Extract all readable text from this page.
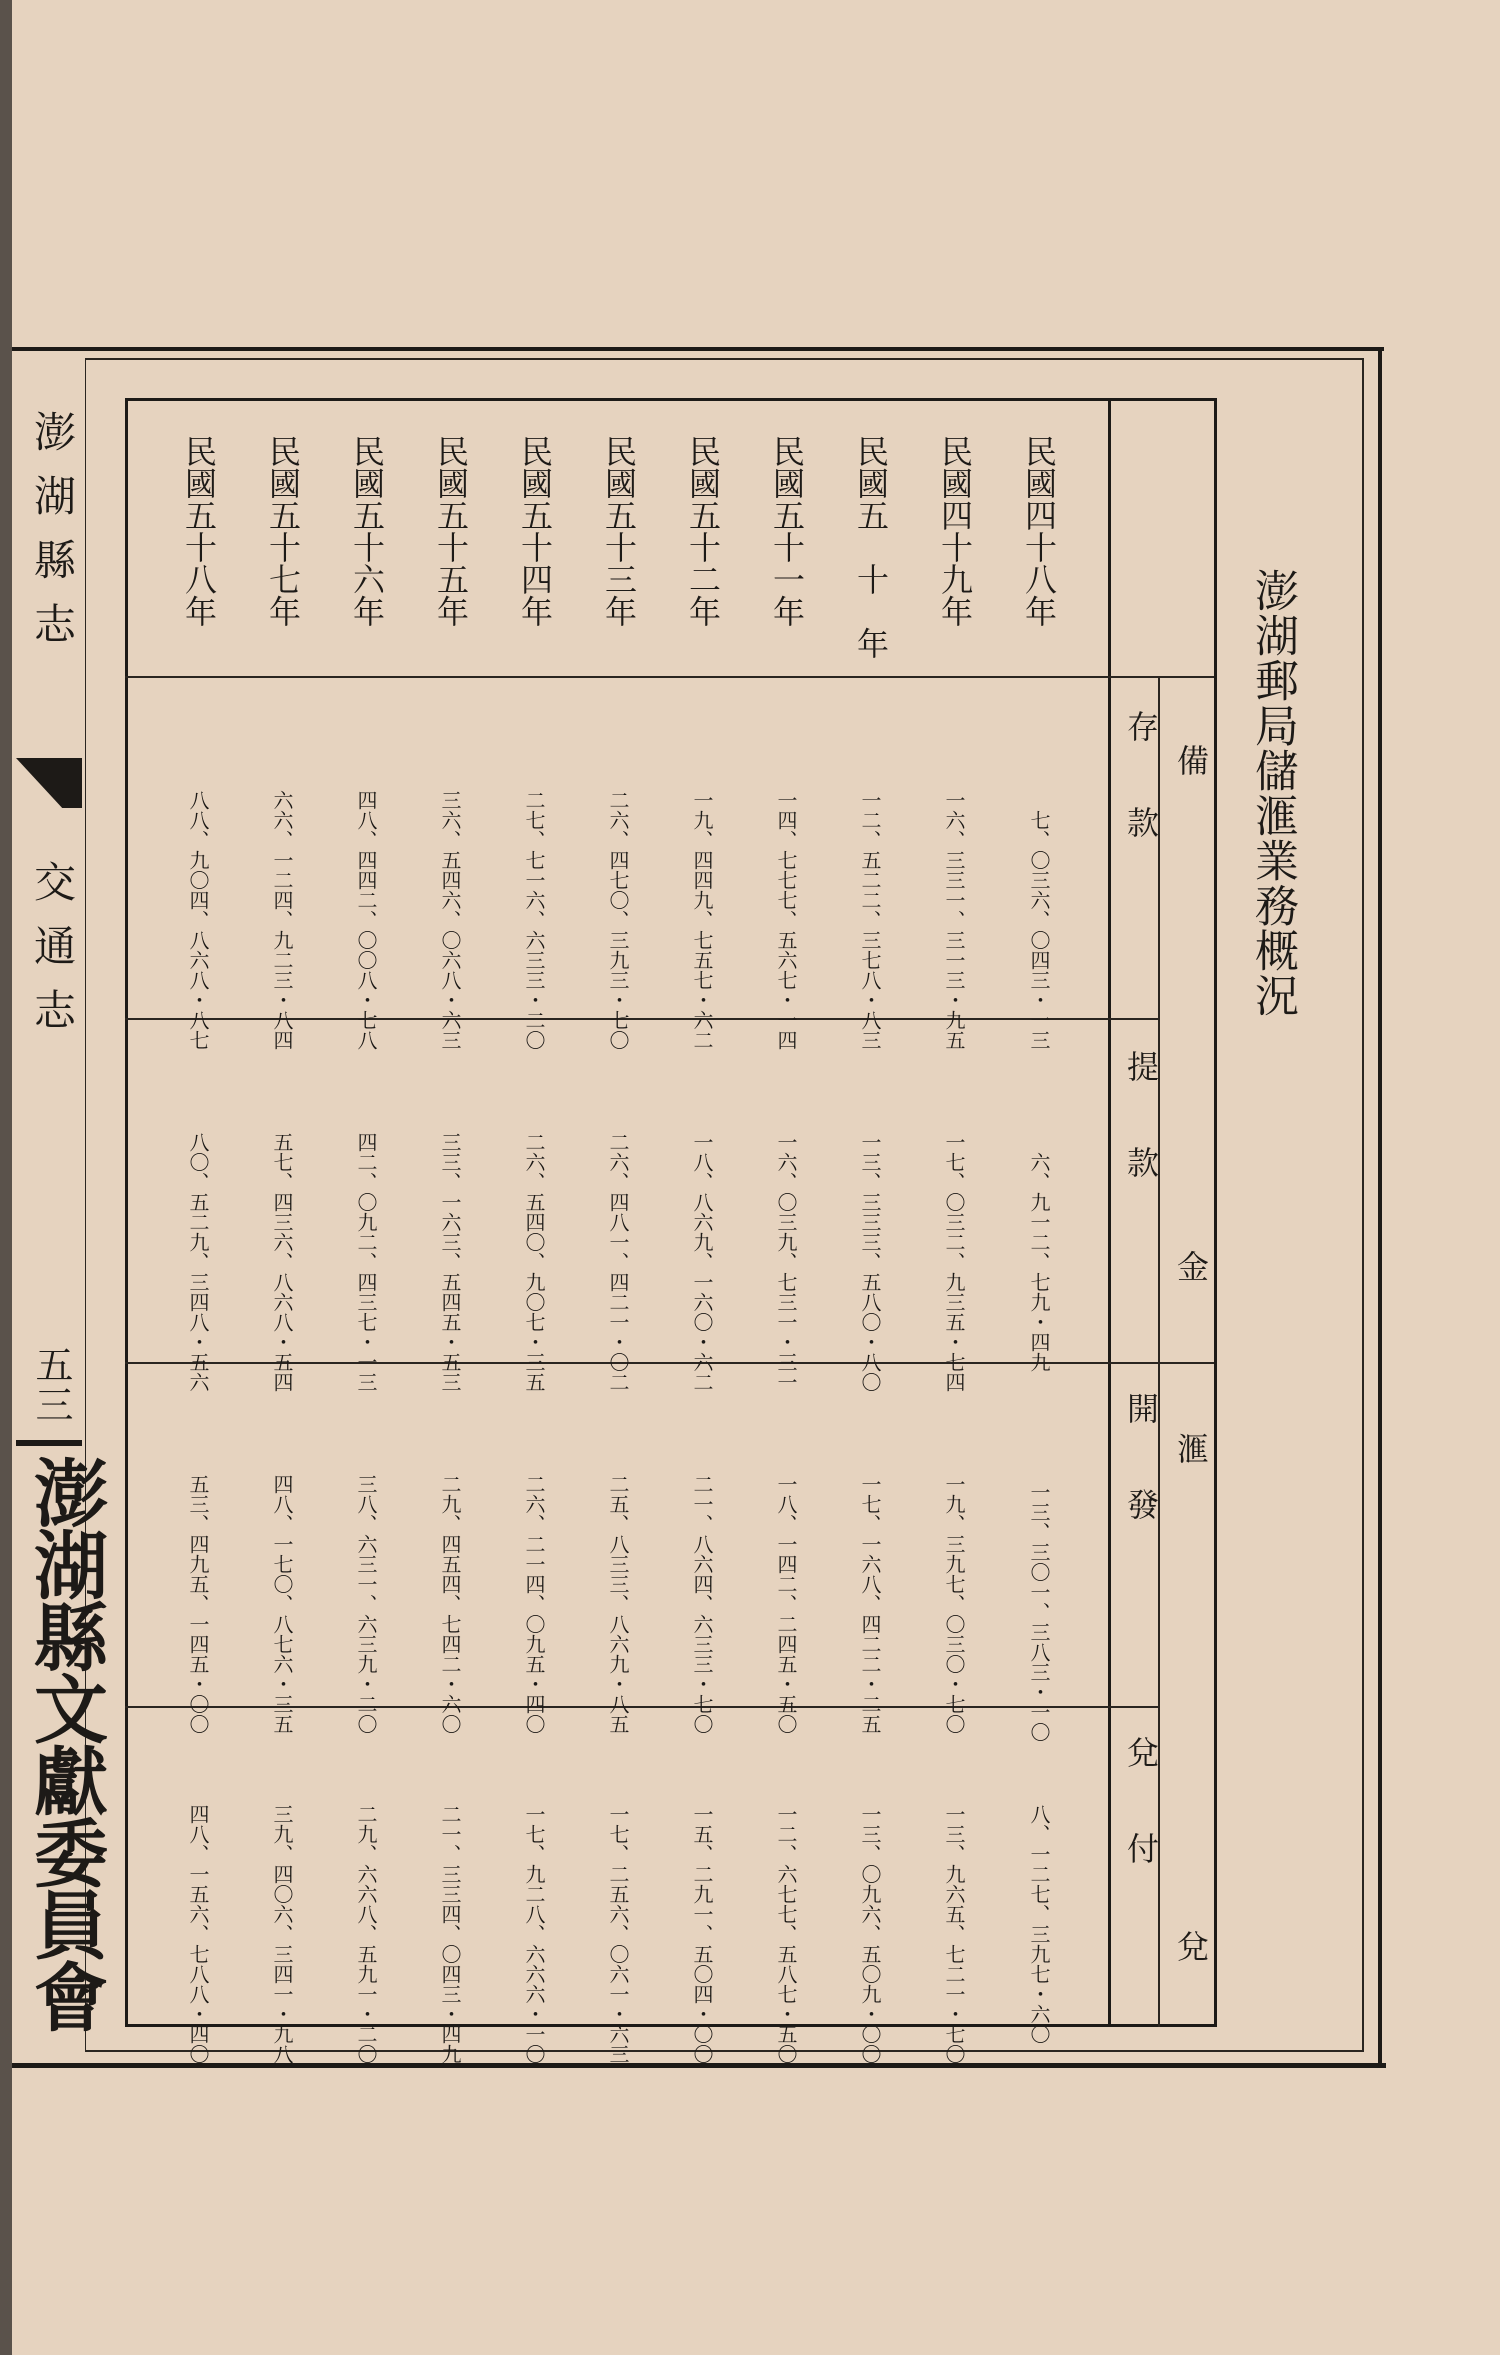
澎湖縣志
交通志
五三
澎湖縣文獻委員會
澎湖郵局儲滙業務概況
備
金
滙
兌
存　　款
提　　款
開　　發
兌　　付
民國四十八年
七、〇三六、〇四三・一三
六、九一二、七九・四九
一三、三〇一、三八三・一〇
八、一二七、三九七・六〇
民國四十九年
一六、三三一、三一三・九五
一七、〇三二、九三五・七四
一九、三九七、〇三〇・七〇
一三、九六五、七二一・七〇
民國五　十　年
一二、五二二、三七八・八三
一三、三三三、五八〇・八〇
一七、一六八、四二二・二五
一三、〇九六、五〇九・〇〇
民國五十一年
一四、七七七、五六七・一四
一六、〇三九、七三一・三一
一八、一四二、二四五・五〇
一二、六七七、五八七・五〇
民國五十二年
一九、四四九、七五七・六二
一八、八六九、一六〇・六二
二一、八六四、六三三・七〇
一五、二九一、五〇四・〇〇
民國五十三年
二六、四七〇、三九三・七〇
二六、四八一、四二一・〇二
二五、八三三、八六九・八五
一七、二五六、〇六一・六三
民國五十四年
二七、七一六、六三三・二〇
二六、五四〇、九〇七・三五
二六、二一四、〇九五・四〇
一七、九二八、六六六・一〇
民國五十五年
三六、五四六、〇六八・六三
三三、一六三、五四五・五三
二九、四五四、七四二・六〇
二一、三三四、〇四三・四九
民國五十六年
四八、四四二、〇〇八・七八
四二、〇九二、四三七・一三
三八、六三一、六三九・二〇
二九、六六八、五九一・二〇
民國五十七年
六六、一二四、九二三・八四
五七、四三六、八六八・五四
四八、一七〇、八七六・三五
三九、四〇六、三四一・九八
民國五十八年
八八、九〇四、八六八・八七
八〇、五二九、三四八・五六
五三、四九五、一四五・〇〇
四八、一五六、七八八・四〇
